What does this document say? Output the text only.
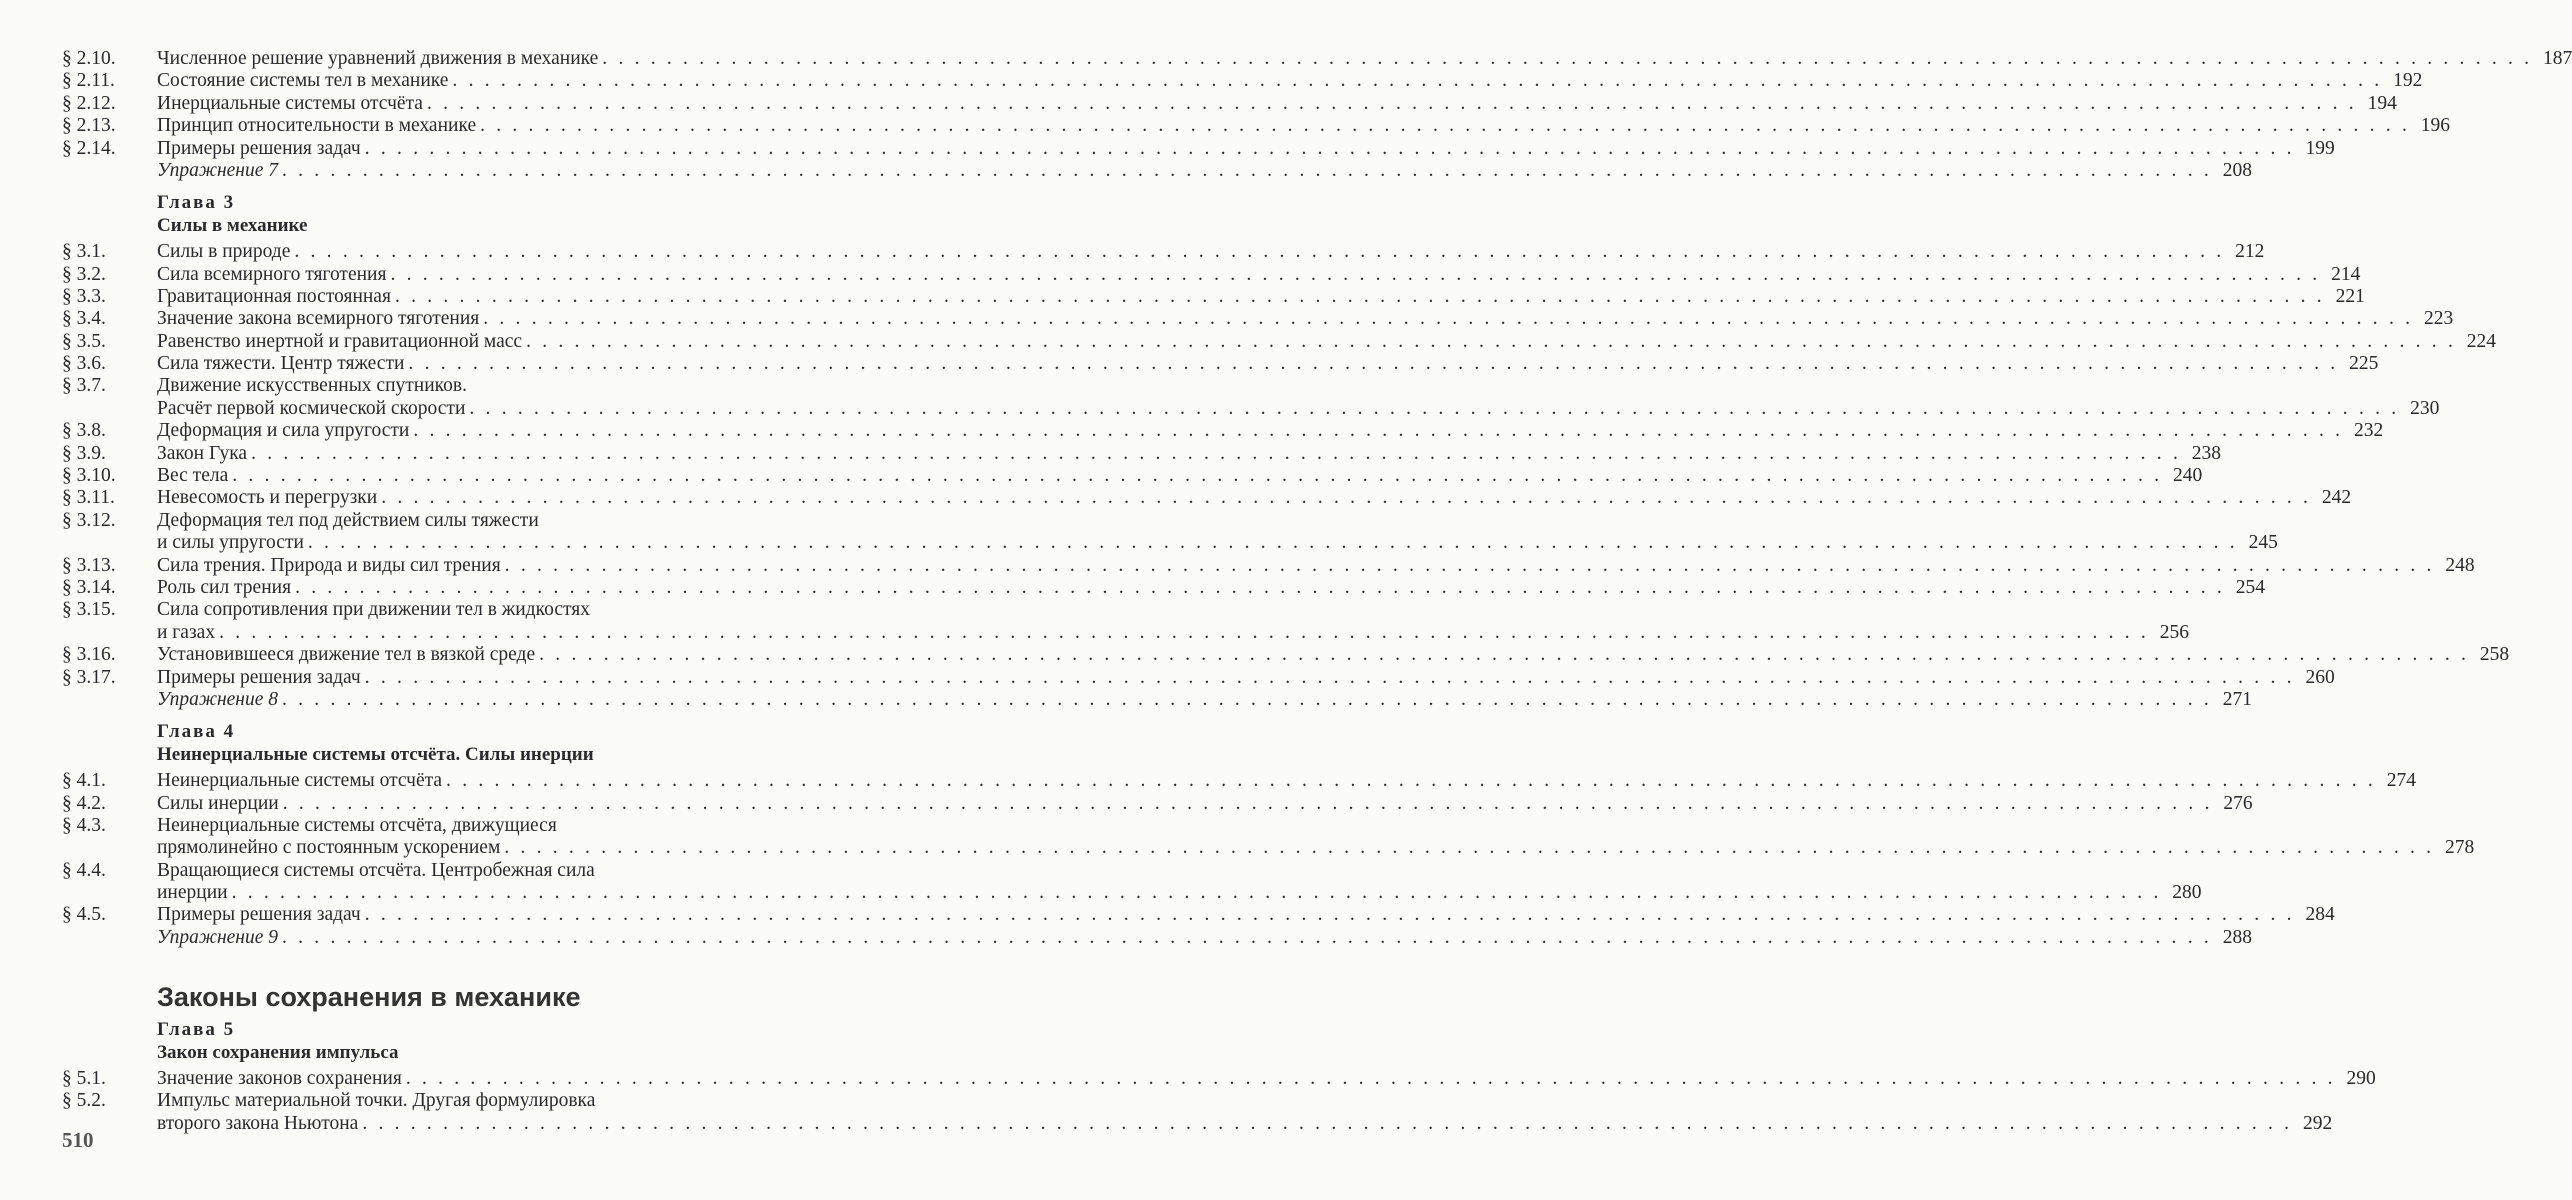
§ 2.10.	Численное решение уравнений движения в механике . . . . . . . . . . . . . . . . . . . . . . . . . . . . . . . . . . . . . . . . . . . . . . . . . . . . . . . . . . . . . . . . . . . . . . . . . . . . . . . . . . . . . . . . . . . . . . . . . . . . . . . . . . . . . . . . . . . . . . . . 187
§ 2.11.	Состояние системы тел в механике . . . . . . . . . . . . . . . . . . . . . . . . . . . . . . . . . . . . . . . . . . . . . . . . . . . . . . . . . . . . . . . . . . . . . . . . . . . . . . . . . . . . . . . . . . . . . . . . . . . . . . . . . . . . . . . . . . . . . . . . 192
§ 2.12.	Инерциальные системы отсчёта . . . . . . . . . . . . . . . . . . . . . . . . . . . . . . . . . . . . . . . . . . . . . . . . . . . . . . . . . . . . . . . . . . . . . . . . . . . . . . . . . . . . . . . . . . . . . . . . . . . . . . . . . . . . . . . . . . . . . . . . 194
§ 2.13.	Принцип относительности в механике . . . . . . . . . . . . . . . . . . . . . . . . . . . . . . . . . . . . . . . . . . . . . . . . . . . . . . . . . . . . . . . . . . . . . . . . . . . . . . . . . . . . . . . . . . . . . . . . . . . . . . . . . . . . . . . . . . . . . . . . 196
§ 2.14.	Примеры решения задач . . . . . . . . . . . . . . . . . . . . . . . . . . . . . . . . . . . . . . . . . . . . . . . . . . . . . . . . . . . . . . . . . . . . . . . . . . . . . . . . . . . . . . . . . . . . . . . . . . . . . . . . . . . . . . . . . . . . . . . . 199
Упражнение 7 . . . . . . . . . . . . . . . . . . . . . . . . . . . . . . . . . . . . . . . . . . . . . . . . . . . . . . . . . . . . . . . . . . . . . . . . . . . . . . . . . . . . . . . . . . . . . . . . . . . . . . . . . . . . . . . . . . . . . . . . 208
Глава 3
Силы в механике
§ 3.1.	Силы в природе . . . . . . . . . . . . . . . . . . . . . . . . . . . . . . . . . . . . . . . . . . . . . . . . . . . . . . . . . . . . . . . . . . . . . . . . . . . . . . . . . . . . . . . . . . . . . . . . . . . . . . . . . . . . . . . . . . . . . . . . 212
§ 3.2.	Сила всемирного тяготения . . . . . . . . . . . . . . . . . . . . . . . . . . . . . . . . . . . . . . . . . . . . . . . . . . . . . . . . . . . . . . . . . . . . . . . . . . . . . . . . . . . . . . . . . . . . . . . . . . . . . . . . . . . . . . . . . . . . . . . . 214
§ 3.3.	Гравитационная постоянная . . . . . . . . . . . . . . . . . . . . . . . . . . . . . . . . . . . . . . . . . . . . . . . . . . . . . . . . . . . . . . . . . . . . . . . . . . . . . . . . . . . . . . . . . . . . . . . . . . . . . . . . . . . . . . . . . . . . . . . . 221
§ 3.4.	Значение закона всемирного тяготения . . . . . . . . . . . . . . . . . . . . . . . . . . . . . . . . . . . . . . . . . . . . . . . . . . . . . . . . . . . . . . . . . . . . . . . . . . . . . . . . . . . . . . . . . . . . . . . . . . . . . . . . . . . . . . . . . . . . . . . . 223
§ 3.5.	Равенство инертной и гравитационной масс . . . . . . . . . . . . . . . . . . . . . . . . . . . . . . . . . . . . . . . . . . . . . . . . . . . . . . . . . . . . . . . . . . . . . . . . . . . . . . . . . . . . . . . . . . . . . . . . . . . . . . . . . . . . . . . . . . . . . . . . 224
§ 3.6.	Сила тяжести. Центр тяжести . . . . . . . . . . . . . . . . . . . . . . . . . . . . . . . . . . . . . . . . . . . . . . . . . . . . . . . . . . . . . . . . . . . . . . . . . . . . . . . . . . . . . . . . . . . . . . . . . . . . . . . . . . . . . . . . . . . . . . . . 225
§ 3.7.	Движение искусственных спутников.
Расчёт первой космической скорости . . . . . . . . . . . . . . . . . . . . . . . . . . . . . . . . . . . . . . . . . . . . . . . . . . . . . . . . . . . . . . . . . . . . . . . . . . . . . . . . . . . . . . . . . . . . . . . . . . . . . . . . . . . . . . . . . . . . . . . . 230
§ 3.8.	Деформация и сила упругости . . . . . . . . . . . . . . . . . . . . . . . . . . . . . . . . . . . . . . . . . . . . . . . . . . . . . . . . . . . . . . . . . . . . . . . . . . . . . . . . . . . . . . . . . . . . . . . . . . . . . . . . . . . . . . . . . . . . . . . . 232
§ 3.9.	Закон Гука . . . . . . . . . . . . . . . . . . . . . . . . . . . . . . . . . . . . . . . . . . . . . . . . . . . . . . . . . . . . . . . . . . . . . . . . . . . . . . . . . . . . . . . . . . . . . . . . . . . . . . . . . . . . . . . . . . . . . . . . 238
§ 3.10.	Вес тела . . . . . . . . . . . . . . . . . . . . . . . . . . . . . . . . . . . . . . . . . . . . . . . . . . . . . . . . . . . . . . . . . . . . . . . . . . . . . . . . . . . . . . . . . . . . . . . . . . . . . . . . . . . . . . . . . . . . . . . . 240
§ 3.11.	Невесомость и перегрузки . . . . . . . . . . . . . . . . . . . . . . . . . . . . . . . . . . . . . . . . . . . . . . . . . . . . . . . . . . . . . . . . . . . . . . . . . . . . . . . . . . . . . . . . . . . . . . . . . . . . . . . . . . . . . . . . . . . . . . . . 242
§ 3.12.	Деформация тел под действием силы тяжести
и силы упругости . . . . . . . . . . . . . . . . . . . . . . . . . . . . . . . . . . . . . . . . . . . . . . . . . . . . . . . . . . . . . . . . . . . . . . . . . . . . . . . . . . . . . . . . . . . . . . . . . . . . . . . . . . . . . . . . . . . . . . . . 245
§ 3.13.	Сила трения. Природа и виды сил трения . . . . . . . . . . . . . . . . . . . . . . . . . . . . . . . . . . . . . . . . . . . . . . . . . . . . . . . . . . . . . . . . . . . . . . . . . . . . . . . . . . . . . . . . . . . . . . . . . . . . . . . . . . . . . . . . . . . . . . . . 248
§ 3.14.	Роль сил трения . . . . . . . . . . . . . . . . . . . . . . . . . . . . . . . . . . . . . . . . . . . . . . . . . . . . . . . . . . . . . . . . . . . . . . . . . . . . . . . . . . . . . . . . . . . . . . . . . . . . . . . . . . . . . . . . . . . . . . . . 254
§ 3.15.	Сила сопротивления при движении тел в жидкостях
и газах . . . . . . . . . . . . . . . . . . . . . . . . . . . . . . . . . . . . . . . . . . . . . . . . . . . . . . . . . . . . . . . . . . . . . . . . . . . . . . . . . . . . . . . . . . . . . . . . . . . . . . . . . . . . . . . . . . . . . . . . 256
§ 3.16.	Установившееся движение тел в вязкой среде . . . . . . . . . . . . . . . . . . . . . . . . . . . . . . . . . . . . . . . . . . . . . . . . . . . . . . . . . . . . . . . . . . . . . . . . . . . . . . . . . . . . . . . . . . . . . . . . . . . . . . . . . . . . . . . . . . . . . . . . 258
§ 3.17.	Примеры решения задач . . . . . . . . . . . . . . . . . . . . . . . . . . . . . . . . . . . . . . . . . . . . . . . . . . . . . . . . . . . . . . . . . . . . . . . . . . . . . . . . . . . . . . . . . . . . . . . . . . . . . . . . . . . . . . . . . . . . . . . . 260
Упражнение 8 . . . . . . . . . . . . . . . . . . . . . . . . . . . . . . . . . . . . . . . . . . . . . . . . . . . . . . . . . . . . . . . . . . . . . . . . . . . . . . . . . . . . . . . . . . . . . . . . . . . . . . . . . . . . . . . . . . . . . . . . 271
Глава 4
Неинерциальные системы отсчёта. Силы инерции
§ 4.1.	Неинерциальные системы отсчёта . . . . . . . . . . . . . . . . . . . . . . . . . . . . . . . . . . . . . . . . . . . . . . . . . . . . . . . . . . . . . . . . . . . . . . . . . . . . . . . . . . . . . . . . . . . . . . . . . . . . . . . . . . . . . . . . . . . . . . . . 274
§ 4.2.	Силы инерции . . . . . . . . . . . . . . . . . . . . . . . . . . . . . . . . . . . . . . . . . . . . . . . . . . . . . . . . . . . . . . . . . . . . . . . . . . . . . . . . . . . . . . . . . . . . . . . . . . . . . . . . . . . . . . . . . . . . . . . . 276
§ 4.3.	Неинерциальные системы отсчёта, движущиеся
прямолинейно с постоянным ускорением . . . . . . . . . . . . . . . . . . . . . . . . . . . . . . . . . . . . . . . . . . . . . . . . . . . . . . . . . . . . . . . . . . . . . . . . . . . . . . . . . . . . . . . . . . . . . . . . . . . . . . . . . . . . . . . . . . . . . . . . 278
§ 4.4.	Вращающиеся системы отсчёта. Центробежная сила
инерции . . . . . . . . . . . . . . . . . . . . . . . . . . . . . . . . . . . . . . . . . . . . . . . . . . . . . . . . . . . . . . . . . . . . . . . . . . . . . . . . . . . . . . . . . . . . . . . . . . . . . . . . . . . . . . . . . . . . . . . . 280
§ 4.5.	Примеры решения задач . . . . . . . . . . . . . . . . . . . . . . . . . . . . . . . . . . . . . . . . . . . . . . . . . . . . . . . . . . . . . . . . . . . . . . . . . . . . . . . . . . . . . . . . . . . . . . . . . . . . . . . . . . . . . . . . . . . . . . . . 284
Упражнение 9 . . . . . . . . . . . . . . . . . . . . . . . . . . . . . . . . . . . . . . . . . . . . . . . . . . . . . . . . . . . . . . . . . . . . . . . . . . . . . . . . . . . . . . . . . . . . . . . . . . . . . . . . . . . . . . . . . . . . . . . . 288
Законы сохранения в механике
Глава 5
Закон сохранения импульса
§ 5.1.	Значение законов сохранения . . . . . . . . . . . . . . . . . . . . . . . . . . . . . . . . . . . . . . . . . . . . . . . . . . . . . . . . . . . . . . . . . . . . . . . . . . . . . . . . . . . . . . . . . . . . . . . . . . . . . . . . . . . . . . . . . . . . . . . . 290
§ 5.2.	Импульс материальной точки. Другая формулировка
второго закона Ньютона . . . . . . . . . . . . . . . . . . . . . . . . . . . . . . . . . . . . . . . . . . . . . . . . . . . . . . . . . . . . . . . . . . . . . . . . . . . . . . . . . . . . . . . . . . . . . . . . . . . . . . . . . . . . . . . . . . . . . . . . 292
510
